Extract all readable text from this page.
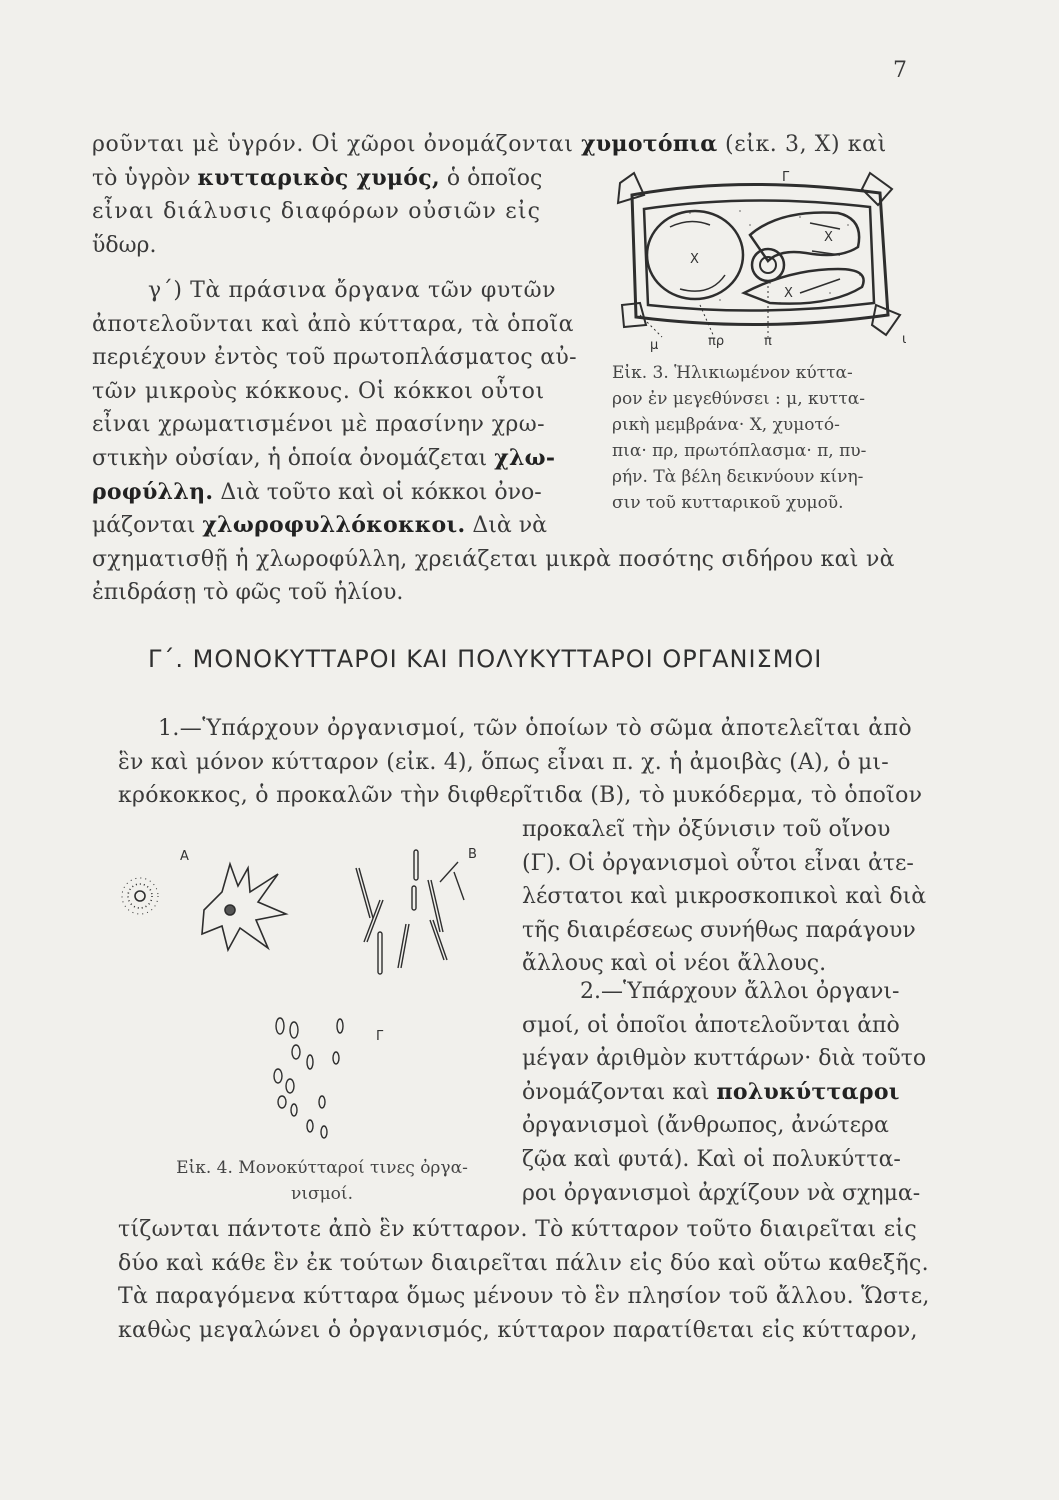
7

ροῦνται μὲ ὑγρόν. Οἱ χῶροι ὀνομάζονται χυμοτόπια (εἰκ. 3, Χ) καὶ
τὸ ὑγρὸν κυτταρικὸς χυμός, ὁ ὁποῖος
εἶναι διάλυσις διαφόρων οὐσιῶν εἰς
ὕδωρ.

γ΄) Τὰ πράσινα ὄργανα τῶν φυτῶν
ἀποτελοῦνται καὶ ἀπὸ κύτταρα, τὰ ὁποῖα
περιέχουν ἐντὸς τοῦ πρωτοπλάσματος αὐ-
τῶν μικροὺς κόκκους. Οἱ κόκκοι οὗτοι
εἶναι χρωματισμένοι μὲ πρασίνην χρω-
στικὴν οὐσίαν, ἡ ὁποία ὀνομάζεται χλω-
ροφύλλη. Διὰ τοῦτο καὶ οἱ κόκκοι ὀνο-
μάζονται χλωροφυλλόκοκκοι. Διὰ νὰ
σχηματισθῇ ἡ χλωροφύλλη, χρειάζεται μικρὰ ποσότης σιδήρου καὶ νὰ
ἐπιδράσῃ τὸ φῶς τοῦ ἡλίου.

Γ
Χ
Χ
Χ
μ	πρ	π	ι
Εἰκ. 3. Ἡλικιωμένον κύττα-
ρον ἐν μεγεθύνσει : μ, κυττα-
ρικὴ μεμβράνα· Χ, χυμοτό-
πια· πρ, πρωτόπλασμα· π, πυ-
ρήν. Τὰ βέλη δεικνύουν κίνη-
σιν τοῦ κυτταρικοῦ χυμοῦ.
Γ΄. ΜΟΝΟΚΥΤΤΑΡΟΙ ΚΑΙ ΠΟΛΥΚΥΤΤΑΡΟΙ ΟΡΓΑΝΙΣΜΟΙ

1.—Ὑπάρχουν ὀργανισμοί, τῶν ὁποίων τὸ σῶμα ἀποτελεῖται ἀπὸ
ἓν καὶ μόνον κύτταρον (εἰκ. 4), ὅπως εἶναι π. χ. ἡ ἀμοιβὰς (Α), ὁ μι-
κρόκοκκος, ὁ προκαλῶν τὴν διφθερῖτιδα (Β), τὸ μυκόδερμα, τὸ ὁποῖον

προκαλεῖ τὴν ὀξύνισιν τοῦ οἴνου
(Γ). Οἱ ὀργανισμοὶ οὗτοι εἶναι ἀτε-
λέστατοι καὶ μικροσκοπικοὶ καὶ διὰ
τῆς διαιρέσεως συνήθως παράγουν
ἄλλους καὶ οἱ νέοι ἄλλους.

2.—Ὑπάρχουν ἄλλοι ὀργανι-
σμοί, οἱ ὁποῖοι ἀποτελοῦνται ἀπὸ
μέγαν ἀριθμὸν κυττάρων· διὰ τοῦτο
ὀνομάζονται καὶ πολυκύτταροι
ὀργανισμοὶ (ἄνθρωπος, ἀνώτερα
ζῷα καὶ φυτά). Καὶ οἱ πολυκύττα-
ροι ὀργανισμοὶ ἀρχίζουν νὰ σχημα-

τίζωνται πάντοτε ἀπὸ ἓν κύτταρον. Τὸ κύτταρον τοῦτο διαιρεῖται εἰς
δύο καὶ κάθε ἓν ἐκ τούτων διαιρεῖται πάλιν εἰς δύο καὶ οὕτω καθεξῆς.
Τὰ παραγόμενα κύτταρα ὅμως μένουν τὸ ἓν πλησίον τοῦ ἄλλου. Ὥστε,
καθὼς μεγαλώνει ὁ ὀργανισμός, κύτταρον παρατίθεται εἰς κύτταρον,

Α	Β
Γ
Εἰκ. 4. Μονοκύτταροί τινες ὀργα-
νισμοί.
